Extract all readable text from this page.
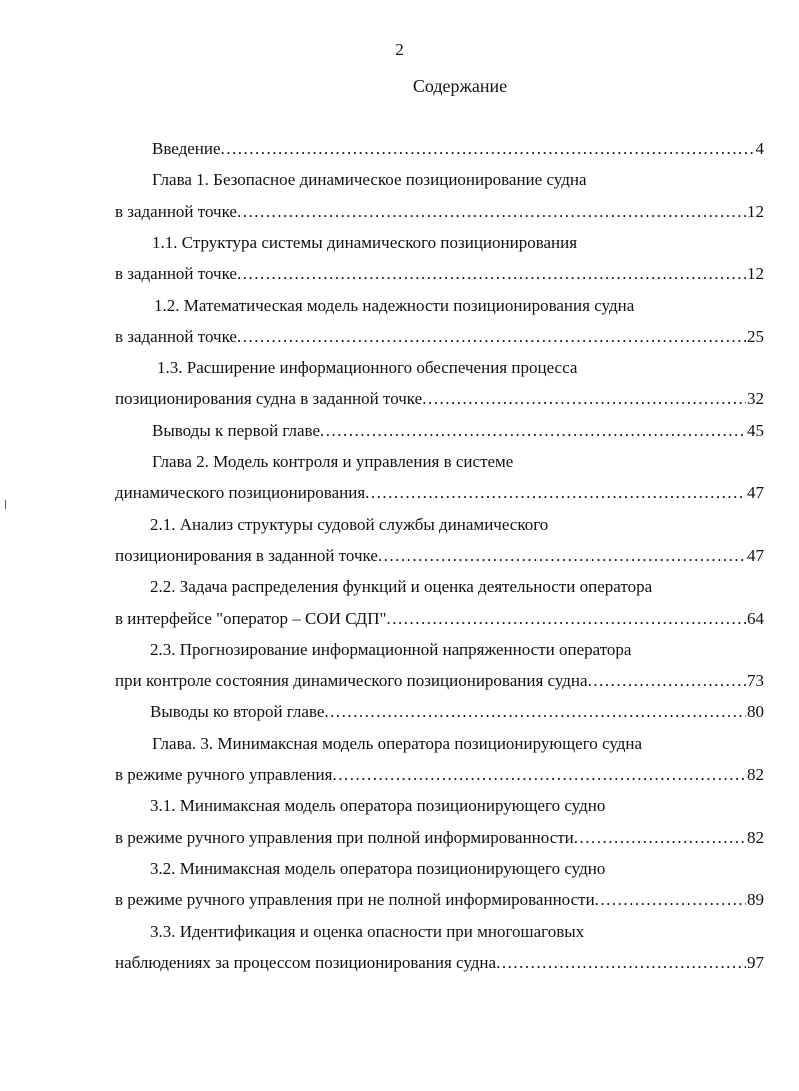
2
Содержание
Введение .....	4
Глава 1. Безопасное динамическое позиционирование судна
в заданной точке .....	12
1.1. Структура системы динамического позиционирования
в заданной точке .....	12
1.2. Математическая модель надежности позиционирования судна
в заданной точке .....	25
1.3. Расширение информационного обеспечения процесса
позиционирования судна в заданной точке .....	32
Выводы к первой главе .....	45
Глава 2. Модель контроля и управления в системе
динамического позиционирования .....	47
2.1. Анализ структуры судовой службы динамического
позиционирования в заданной точке .....	47
2.2. Задача распределения функций и оценка деятельности оператора
в интерфейсе "оператор – СОИ СДП" .....	64
2.3. Прогнозирование информационной напряженности оператора
при контроле состояния динамического позиционирования судна .....	73
Выводы ко второй главе .....	80
Глава. 3. Минимаксная модель оператора позиционирующего судна
в режиме ручного управления .....	82
3.1. Минимаксная модель оператора позиционирующего судно
в режиме ручного управления при полной информированности .....	82
3.2. Минимаксная модель оператора позиционирующего судно
в режиме ручного управления при не полной информированности .....	89
3.3. Идентификация и оценка опасности при многошаговых
наблюдениях за процессом позиционирования судна .....	97
